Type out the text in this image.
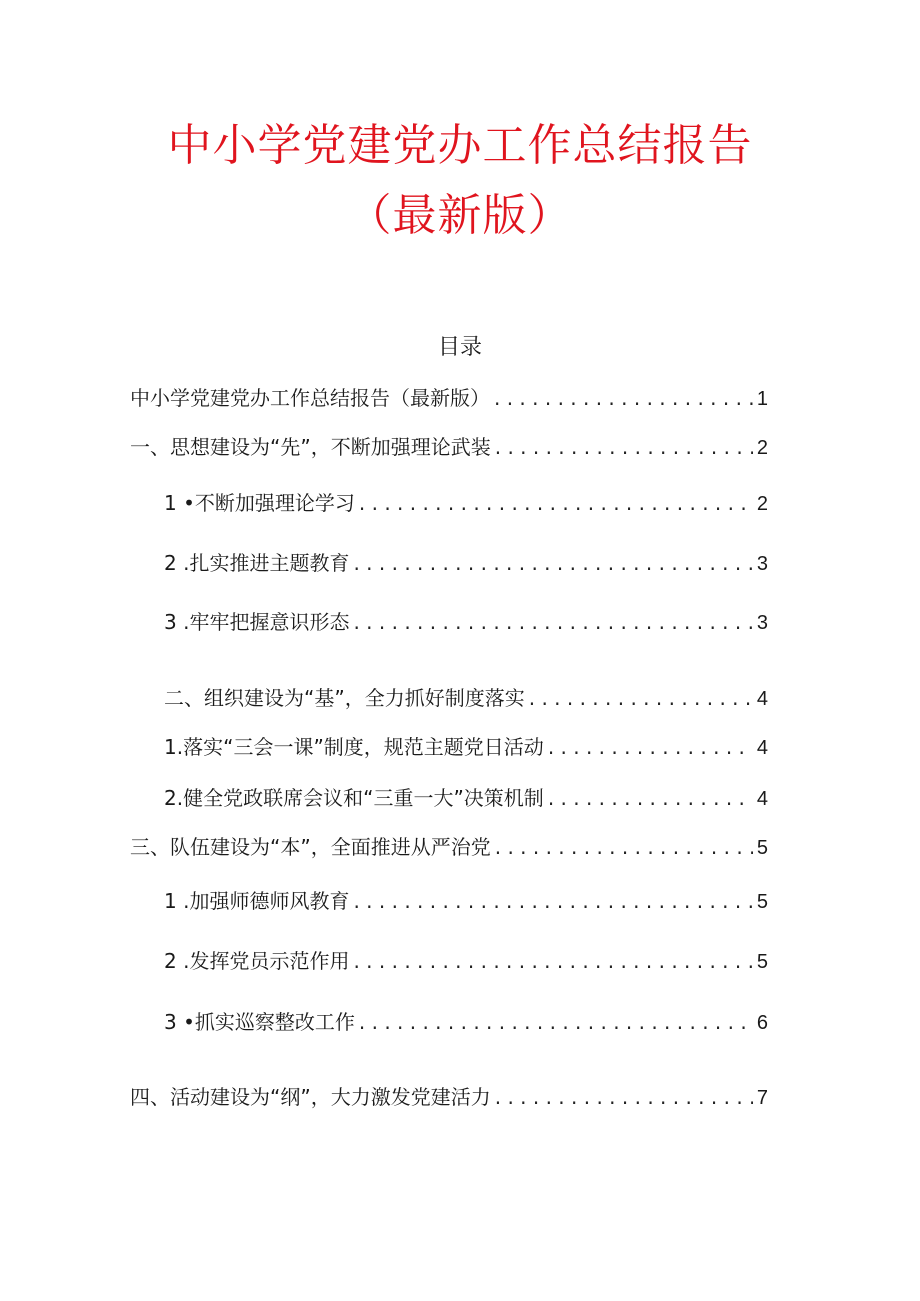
中小学党建党办工作总结报告
（最新版）
目录
中小学党建党办工作总结报告（最新版） . . .	1
一、思想建设为“先”，不断加强理论武装 . . .	2
1 •不断加强理论学习 . . .	2
2 .扎实推进主题教育 . . .	3
3 .牢牢把握意识形态 . . .	3
二、组织建设为“基”，全力抓好制度落实 . . .	4
1.落实“三会一课”制度，规范主题党日活动 . . .	4
2.健全党政联席会议和“三重一大”决策机制 . . .	4
三、队伍建设为“本”，全面推进从严治党 . . .	5
1 .加强师德师风教育 . . .	5
2 .发挥党员示范作用 . . .	5
3 •抓实巡察整改工作 . . .	6
四、活动建设为“纲”，大力激发党建活力 . . .	7
